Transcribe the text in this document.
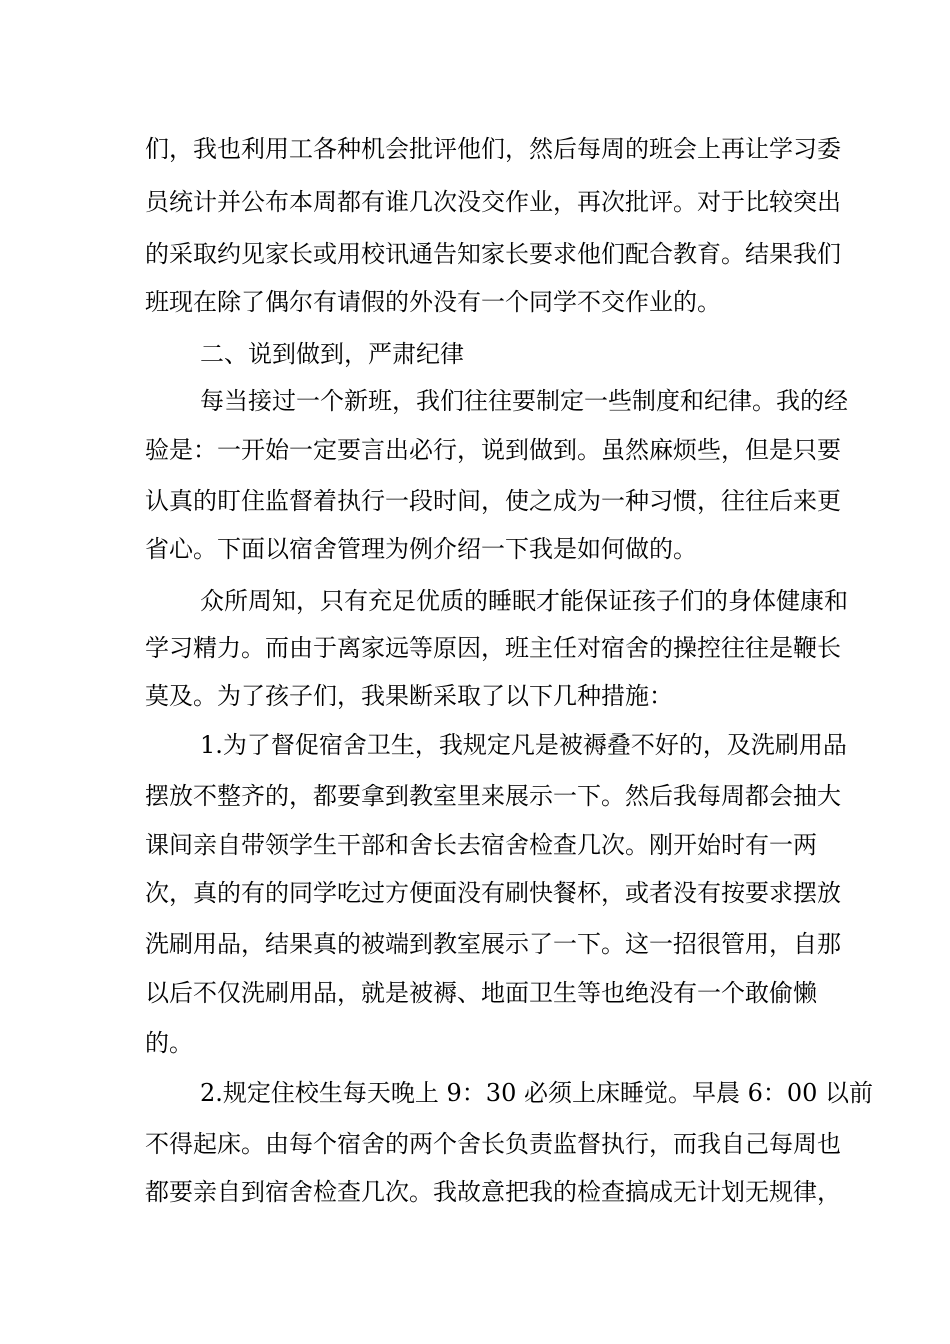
们，我也利用工各种机会批评他们，然后每周的班会上再让学习委
员统计并公布本周都有谁几次没交作业，再次批评。对于比较突出
的采取约见家长或用校讯通告知家长要求他们配合教育。结果我们
班现在除了偶尔有请假的外没有一个同学不交作业的。
二、说到做到，严肃纪律
每当接过一个新班，我们往往要制定一些制度和纪律。我的经
验是：一开始一定要言出必行，说到做到。虽然麻烦些，但是只要
认真的盯住监督着执行一段时间，使之成为一种习惯，往往后来更
省心。下面以宿舍管理为例介绍一下我是如何做的。
众所周知，只有充足优质的睡眠才能保证孩子们的身体健康和
学习精力。而由于离家远等原因，班主任对宿舍的操控往往是鞭长
莫及。为了孩子们，我果断采取了以下几种措施：
1.为了督促宿舍卫生，我规定凡是被褥叠不好的，及洗刷用品
摆放不整齐的，都要拿到教室里来展示一下。然后我每周都会抽大
课间亲自带领学生干部和舍长去宿舍检查几次。刚开始时有一两
次，真的有的同学吃过方便面没有刷快餐杯，或者没有按要求摆放
洗刷用品，结果真的被端到教室展示了一下。这一招很管用，自那
以后不仅洗刷用品，就是被褥、地面卫生等也绝没有一个敢偷懒
的。
2.规定住校生每天晚上 9：30 必须上床睡觉。早晨 6：00 以前
不得起床。由每个宿舍的两个舍长负责监督执行，而我自己每周也
都要亲自到宿舍检查几次。我故意把我的检查搞成无计划无规律，
